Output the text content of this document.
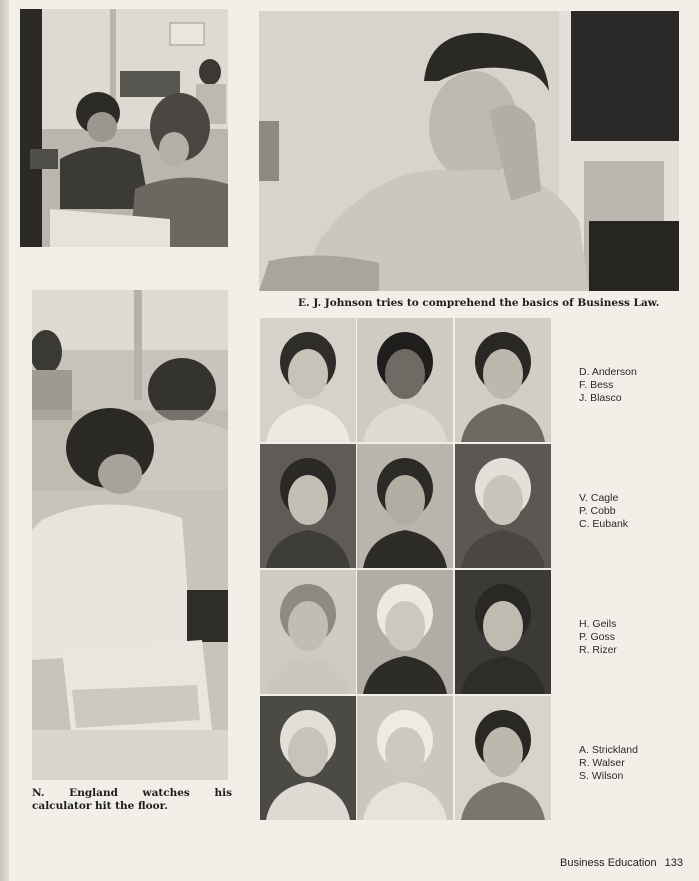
E. J. Johnson tries to comprehend the basics of Business Law.

N. England watches his calculator hit the floor.

D. Anderson
F. Bess
J. Blasco
V. Cagle
P. Cobb
C. Eubank
H. Geils
P. Goss
R. Rizer
A. Strickland
R. Walser
S. Wilson
Business Education 133
